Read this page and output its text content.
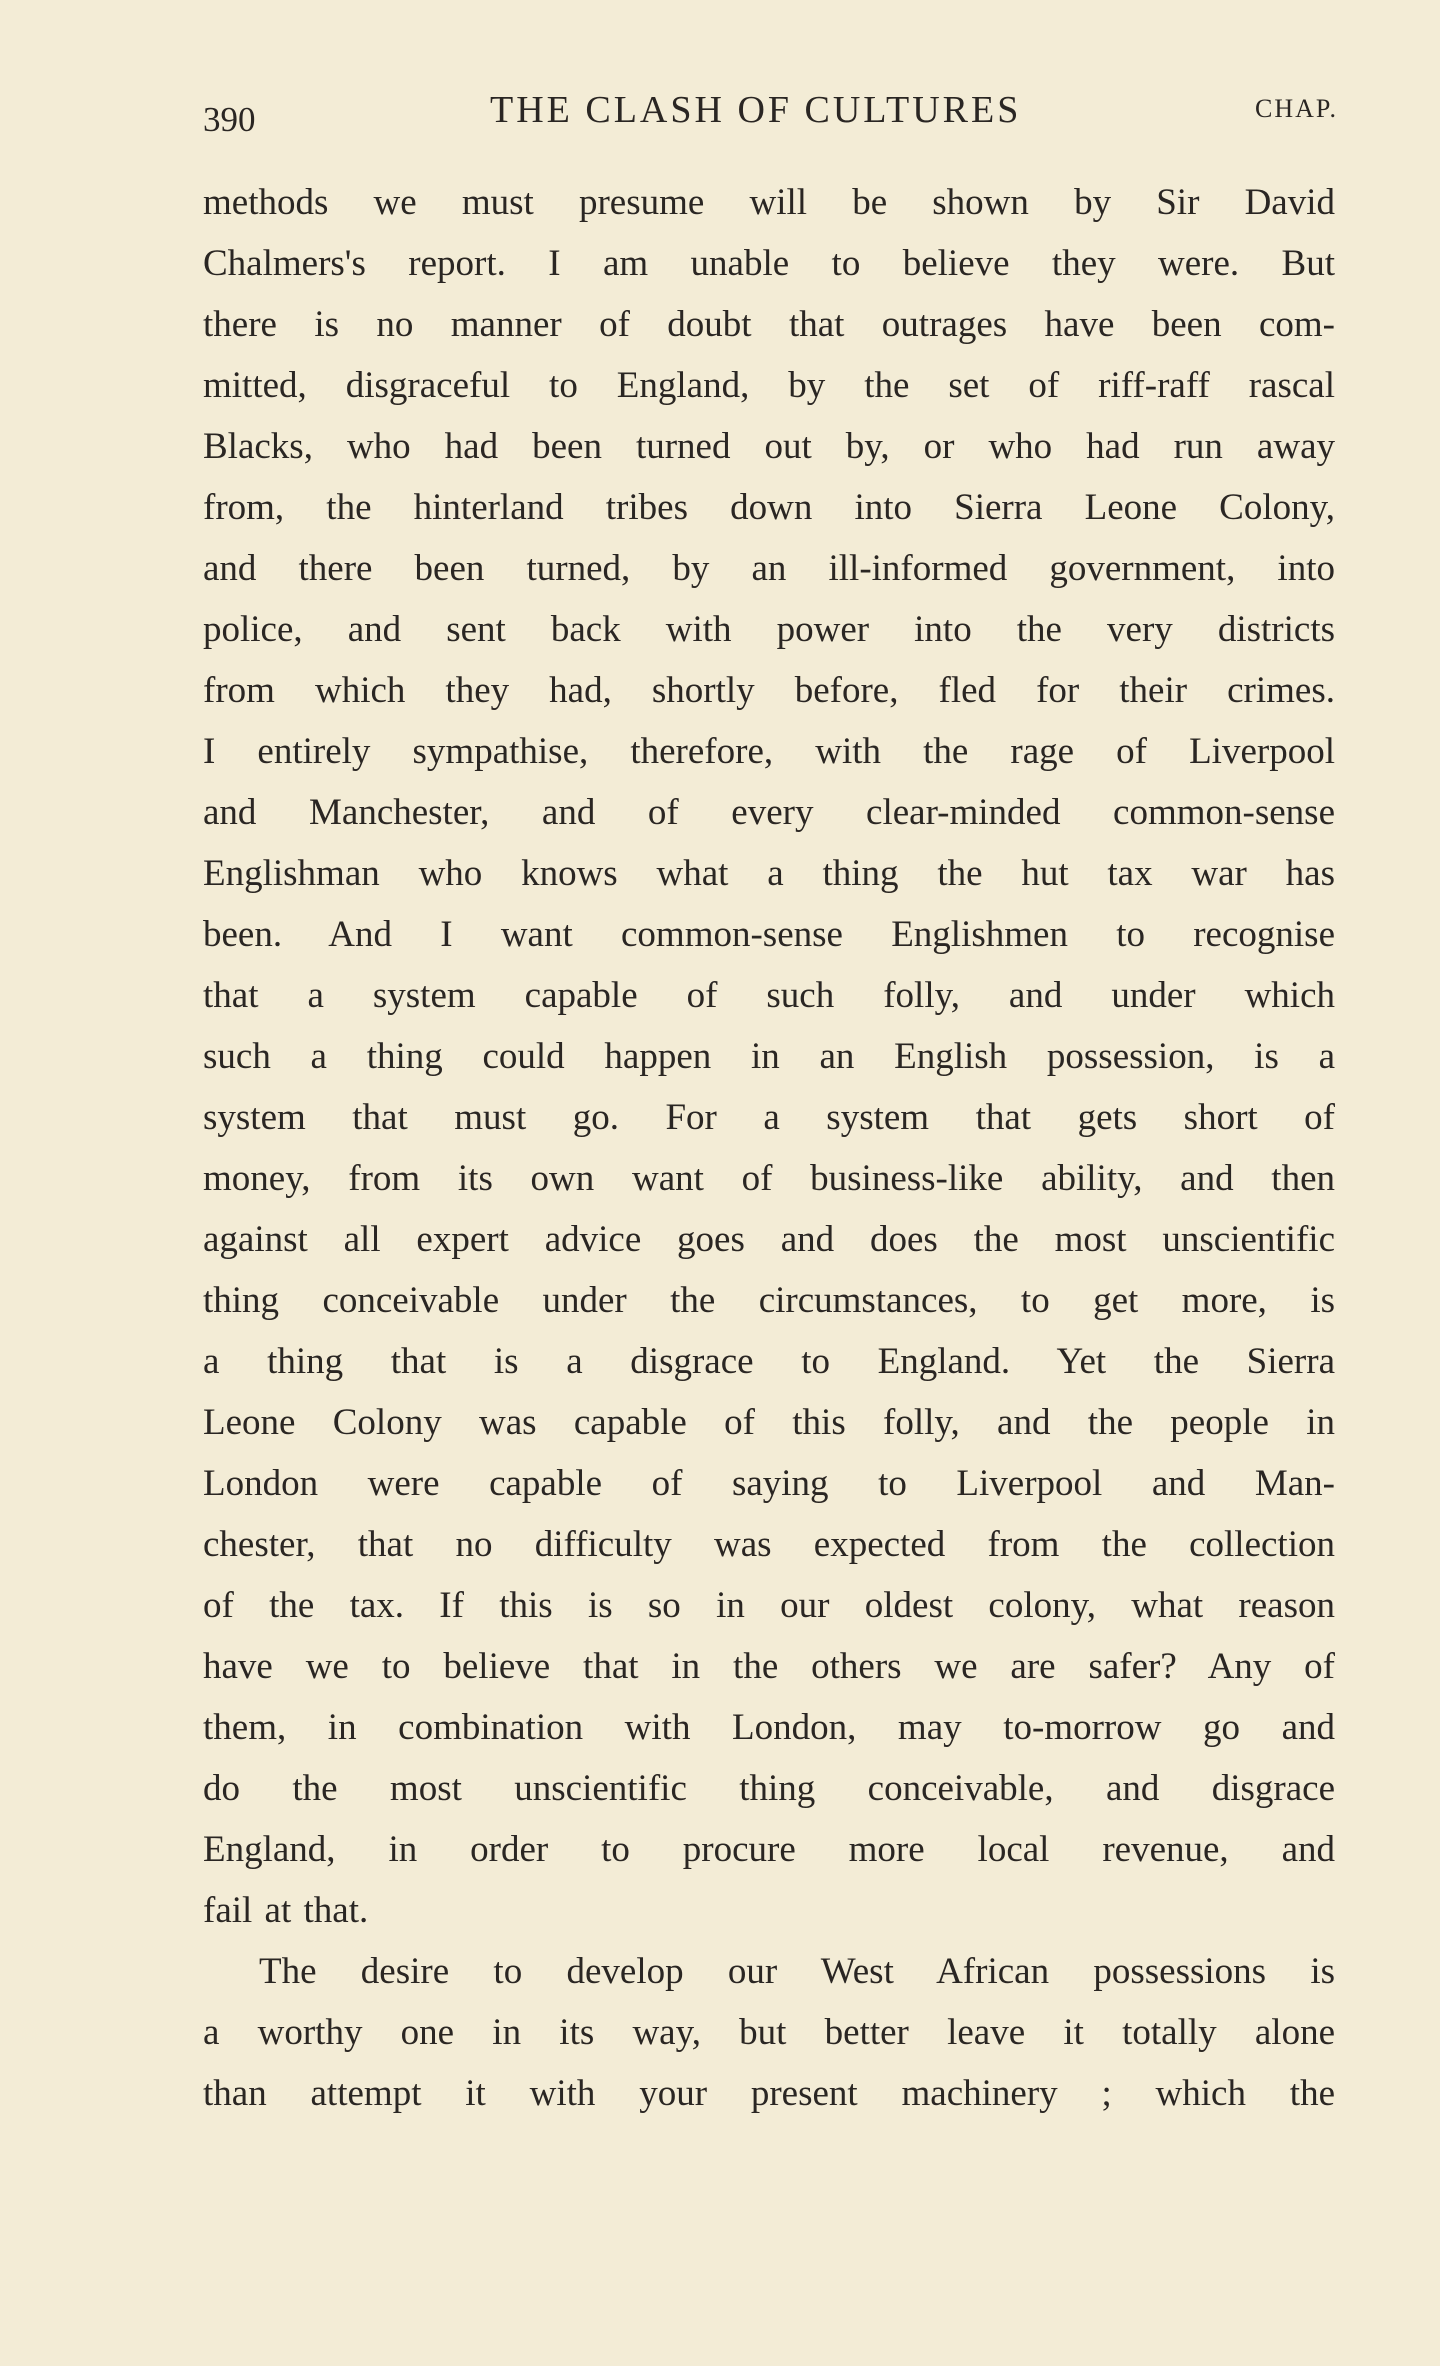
390	THE CLASH OF CULTURES	CHAP.
methods we must presume will be shown by Sir David
Chalmers's report. I am unable to believe they were. But
there is no manner of doubt that outrages have been com-
mitted, disgraceful to England, by the set of riff-raff rascal
Blacks, who had been turned out by, or who had run away
from, the hinterland tribes down into Sierra Leone Colony,
and there been turned, by an ill-informed government, into
police, and sent back with power into the very districts
from which they had, shortly before, fled for their crimes.
I entirely sympathise, therefore, with the rage of Liverpool
and Manchester, and of every clear-minded common-sense
Englishman who knows what a thing the hut tax war has
been. And I want common-sense Englishmen to recognise
that a system capable of such folly, and under which
such a thing could happen in an English possession, is a
system that must go. For a system that gets short of
money, from its own want of business-like ability, and then
against all expert advice goes and does the most unscientific
thing conceivable under the circumstances, to get more, is
a thing that is a disgrace to England. Yet the Sierra
Leone Colony was capable of this folly, and the people in
London were capable of saying to Liverpool and Man-
chester, that no difficulty was expected from the collection
of the tax. If this is so in our oldest colony, what reason
have we to believe that in the others we are safer? Any of
them, in combination with London, may to-morrow go and
do the most unscientific thing conceivable, and disgrace
England, in order to procure more local revenue, and
fail at that.
The desire to develop our West African possessions is
a worthy one in its way, but better leave it totally alone
than attempt it with your present machinery ; which the
